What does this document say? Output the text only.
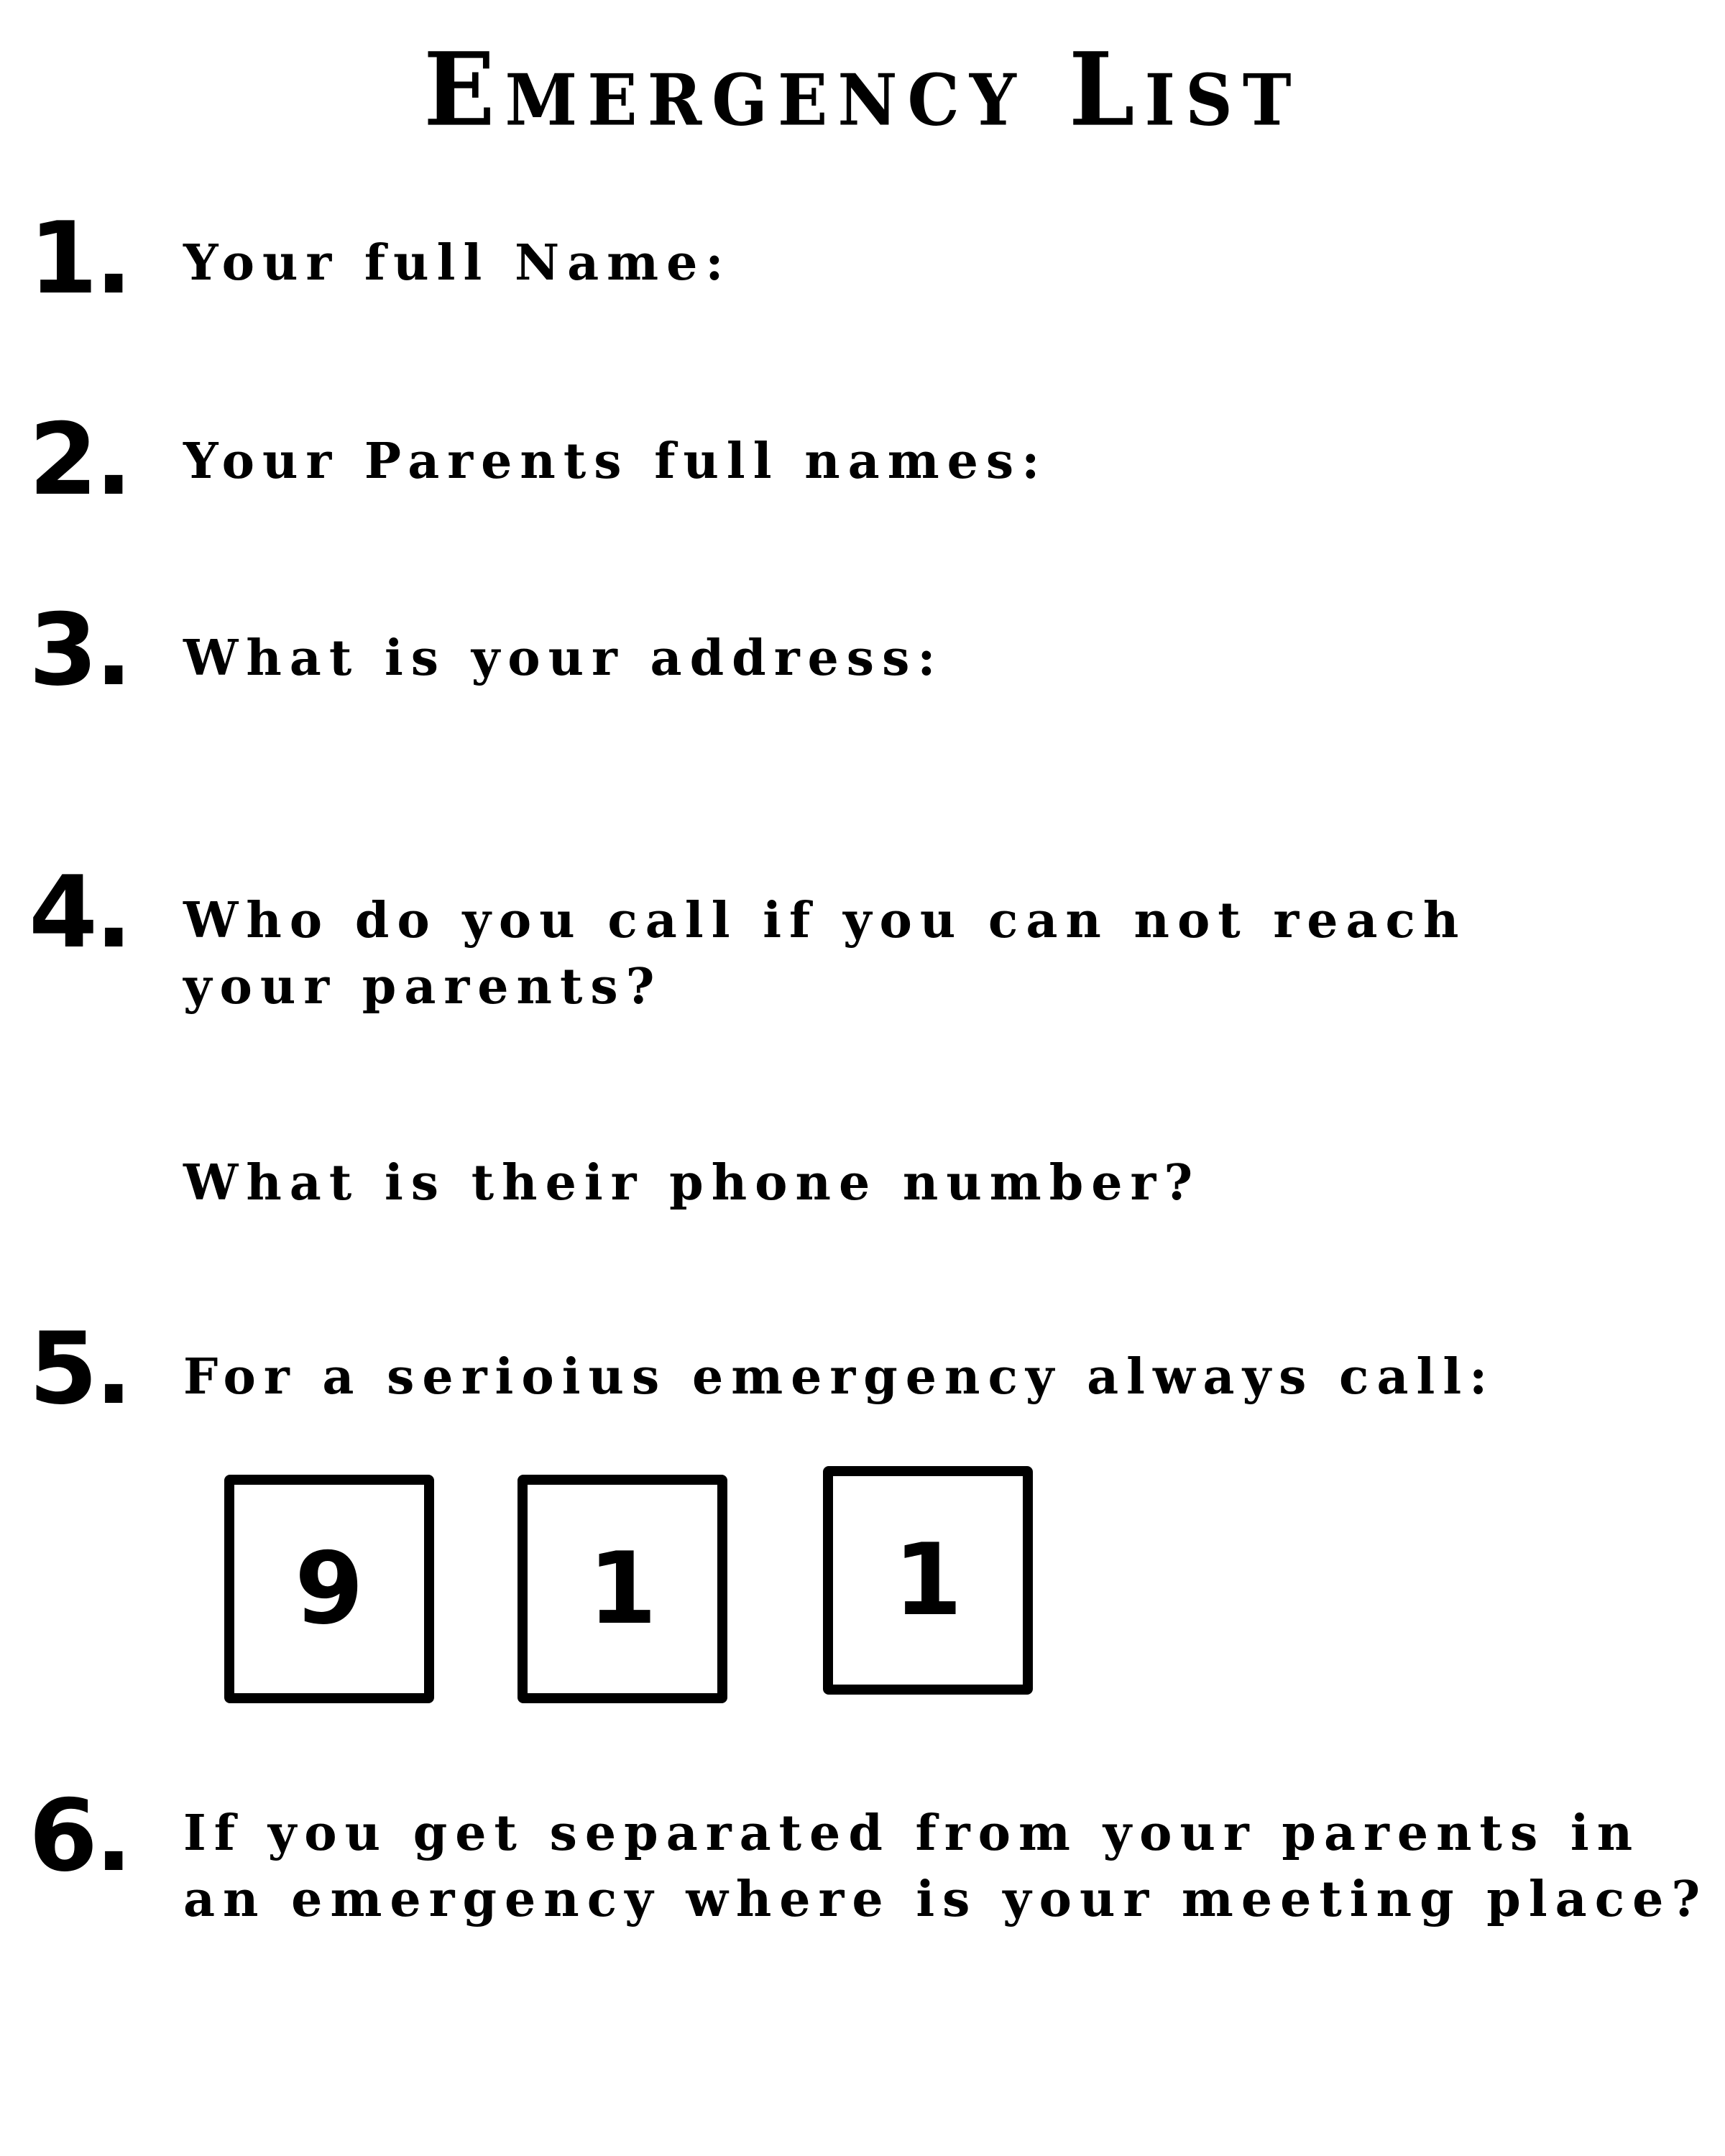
Emergency List
1.	Your full Name:
2.	Your Parents full names:
3.	What is your address:
4.	Who do you call if you can not reach your parents?
What is their phone number?
5.	For a serioius emergency always call:
9	1	1
6.	If you get separated from your parents in an emergency where is your meeting place?
